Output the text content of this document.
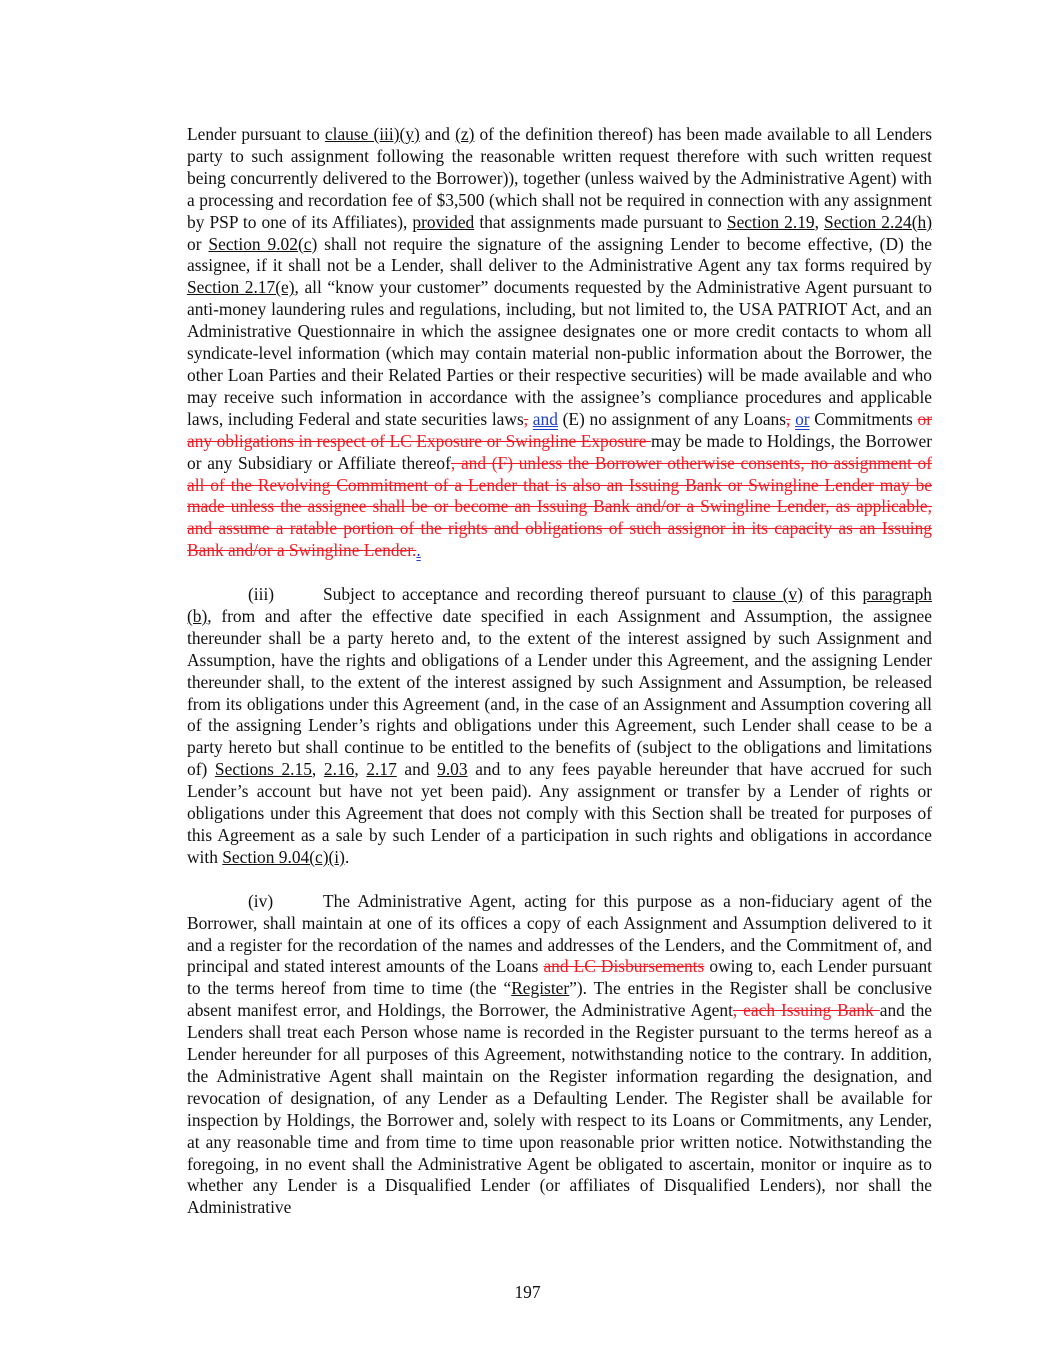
Lender pursuant to clause (iii)(y) and (z) of the definition thereof) has been made available to all Lenders party to such assignment following the reasonable written request therefore with such written request being concurrently delivered to the Borrower)), together (unless waived by the Administrative Agent) with a processing and recordation fee of $3,500 (which shall not be required in connection with any assignment by PSP to one of its Affiliates), provided that assignments made pursuant to Section 2.19, Section 2.24(h) or Section 9.02(c) shall not require the signature of the assigning Lender to become effective, (D) the assignee, if it shall not be a Lender, shall deliver to the Administrative Agent any tax forms required by Section 2.17(e), all “know your customer” documents requested by the Administrative Agent pursuant to anti-money laundering rules and regulations, including, but not limited to, the USA PATRIOT Act, and an Administrative Questionnaire in which the assignee designates one or more credit contacts to whom all syndicate-level information (which may contain material non-public information about the Borrower, the other Loan Parties and their Related Parties or their respective securities) will be made available and who may receive such information in accordance with the assignee’s compliance procedures and applicable laws, including Federal and state securities laws, and (E) no assignment of any Loans, or Commitments or any obligations in respect of LC Exposure or Swingline Exposure may be made to Holdings, the Borrower or any Subsidiary or Affiliate thereof, and (F) unless the Borrower otherwise consents, no assignment of all of the Revolving Commitment of a Lender that is also an Issuing Bank or Swingline Lender may be made unless the assignee shall be or become an Issuing Bank and/or a Swingline Lender, as applicable, and assume a ratable portion of the rights and obligations of such assignor in its capacity as an Issuing Bank and/or a Swingline Lender..

(iii)	Subject to acceptance and recording thereof pursuant to clause (v) of this paragraph (b), from and after the effective date specified in each Assignment and Assumption, the assignee thereunder shall be a party hereto and, to the extent of the interest assigned by such Assignment and Assumption, have the rights and obligations of a Lender under this Agreement, and the assigning Lender thereunder shall, to the extent of the interest assigned by such Assignment and Assumption, be released from its obligations under this Agreement (and, in the case of an Assignment and Assumption covering all of the assigning Lender’s rights and obligations under this Agreement, such Lender shall cease to be a party hereto but shall continue to be entitled to the benefits of (subject to the obligations and limitations of) Sections 2.15, 2.16, 2.17 and 9.03 and to any fees payable hereunder that have accrued for such Lender’s account but have not yet been paid). Any assignment or transfer by a Lender of rights or obligations under this Agreement that does not comply with this Section shall be treated for purposes of this Agreement as a sale by such Lender of a participation in such rights and obligations in accordance with Section 9.04(c)(i).

(iv)	The Administrative Agent, acting for this purpose as a non-fiduciary agent of the Borrower, shall maintain at one of its offices a copy of each Assignment and Assumption delivered to it and a register for the recordation of the names and addresses of the Lenders, and the Commitment of, and principal and stated interest amounts of the Loans and LC Disbursements owing to, each Lender pursuant to the terms hereof from time to time (the “Register”). The entries in the Register shall be conclusive absent manifest error, and Holdings, the Borrower, the Administrative Agent, each Issuing Bank and the Lenders shall treat each Person whose name is recorded in the Register pursuant to the terms hereof as a Lender hereunder for all purposes of this Agreement, notwithstanding notice to the contrary. In addition, the Administrative Agent shall maintain on the Register information regarding the designation, and revocation of designation, of any Lender as a Defaulting Lender. The Register shall be available for inspection by Holdings, the Borrower and, solely with respect to its Loans or Commitments, any Lender, at any reasonable time and from time to time upon reasonable prior written notice. Notwithstanding the foregoing, in no event shall the Administrative Agent be obligated to ascertain, monitor or inquire as to whether any Lender is a Disqualified Lender (or affiliates of Disqualified Lenders), nor shall the Administrative

197
